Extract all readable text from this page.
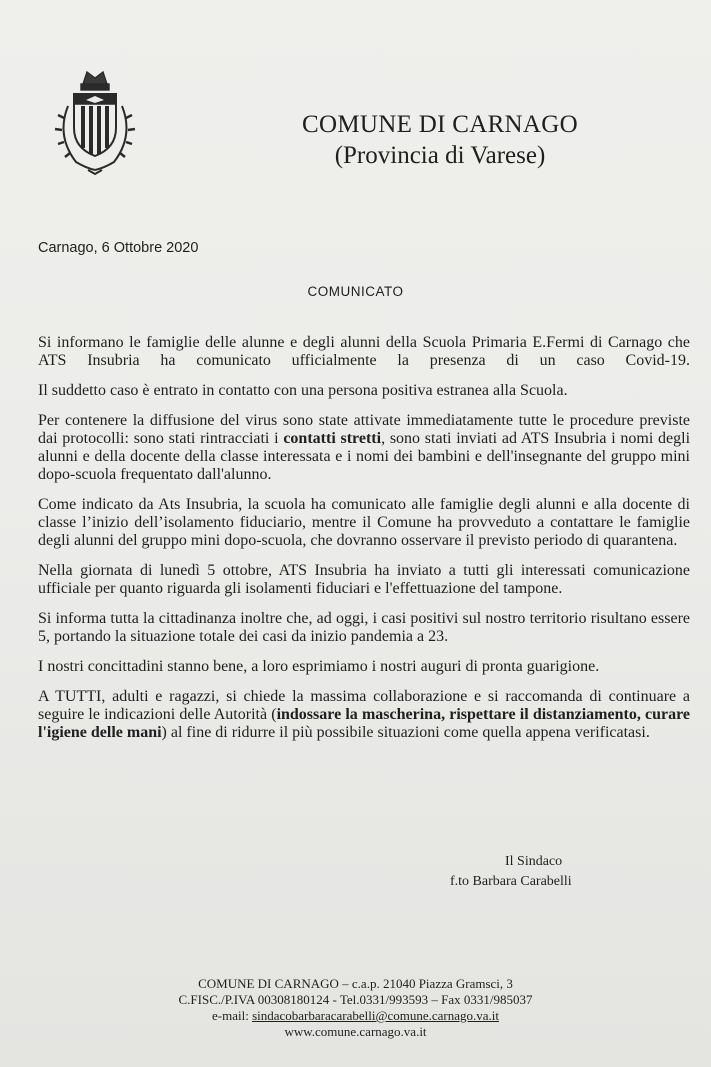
COMUNE DI CARNAGO
(Provincia di Varese)
Carnago, 6 Ottobre 2020
COMUNICATO

Si informano le famiglie delle alunne e degli alunni della Scuola Primaria E.Fermi di Carnago che ATS Insubria ha comunicato ufficialmente la presenza di un caso Covid-19.

Il suddetto caso è entrato in contatto con una persona positiva estranea alla Scuola.

Per contenere la diffusione del virus sono state attivate immediatamente tutte le procedure previste dai protocolli: sono stati rintracciati i contatti stretti, sono stati inviati ad ATS Insubria i nomi degli alunni e della docente della classe interessata e i nomi dei bambini e dell'insegnante del gruppo mini dopo-scuola frequentato dall'alunno.

Come indicato da Ats Insubria, la scuola ha comunicato alle famiglie degli alunni e alla docente di classe l’inizio dell’isolamento fiduciario, mentre il Comune ha provveduto a contattare le famiglie degli alunni del gruppo mini dopo-scuola, che dovranno osservare il previsto periodo di quarantena.

Nella giornata di lunedì 5 ottobre, ATS Insubria ha inviato a tutti gli interessati comunicazione ufficiale per quanto riguarda gli isolamenti fiduciari e l'effettuazione del tampone.

Si informa tutta la cittadinanza inoltre che, ad oggi, i casi positivi sul nostro territorio risultano essere 5, portando la situazione totale dei casi da inizio pandemia a 23.

I nostri concittadini stanno bene, a loro esprimiamo i nostri auguri di pronta guarigione.

A TUTTI, adulti e ragazzi, si chiede la massima collaborazione e si raccomanda di continuare a seguire le indicazioni delle Autorità (indossare la mascherina, rispettare il distanziamento, curare l'igiene delle mani) al fine di ridurre il più possibile situazioni come quella appena verificatasi.

Il Sindaco
f.to Barbara Carabelli
COMUNE DI CARNAGO – c.a.p. 21040 Piazza Gramsci, 3
C.FISC./P.IVA 00308180124 - Tel.0331/993593 – Fax 0331/985037
e-mail: sindacobarbaracarabelli@comune.carnago.va.it
www.comune.carnago.va.it
